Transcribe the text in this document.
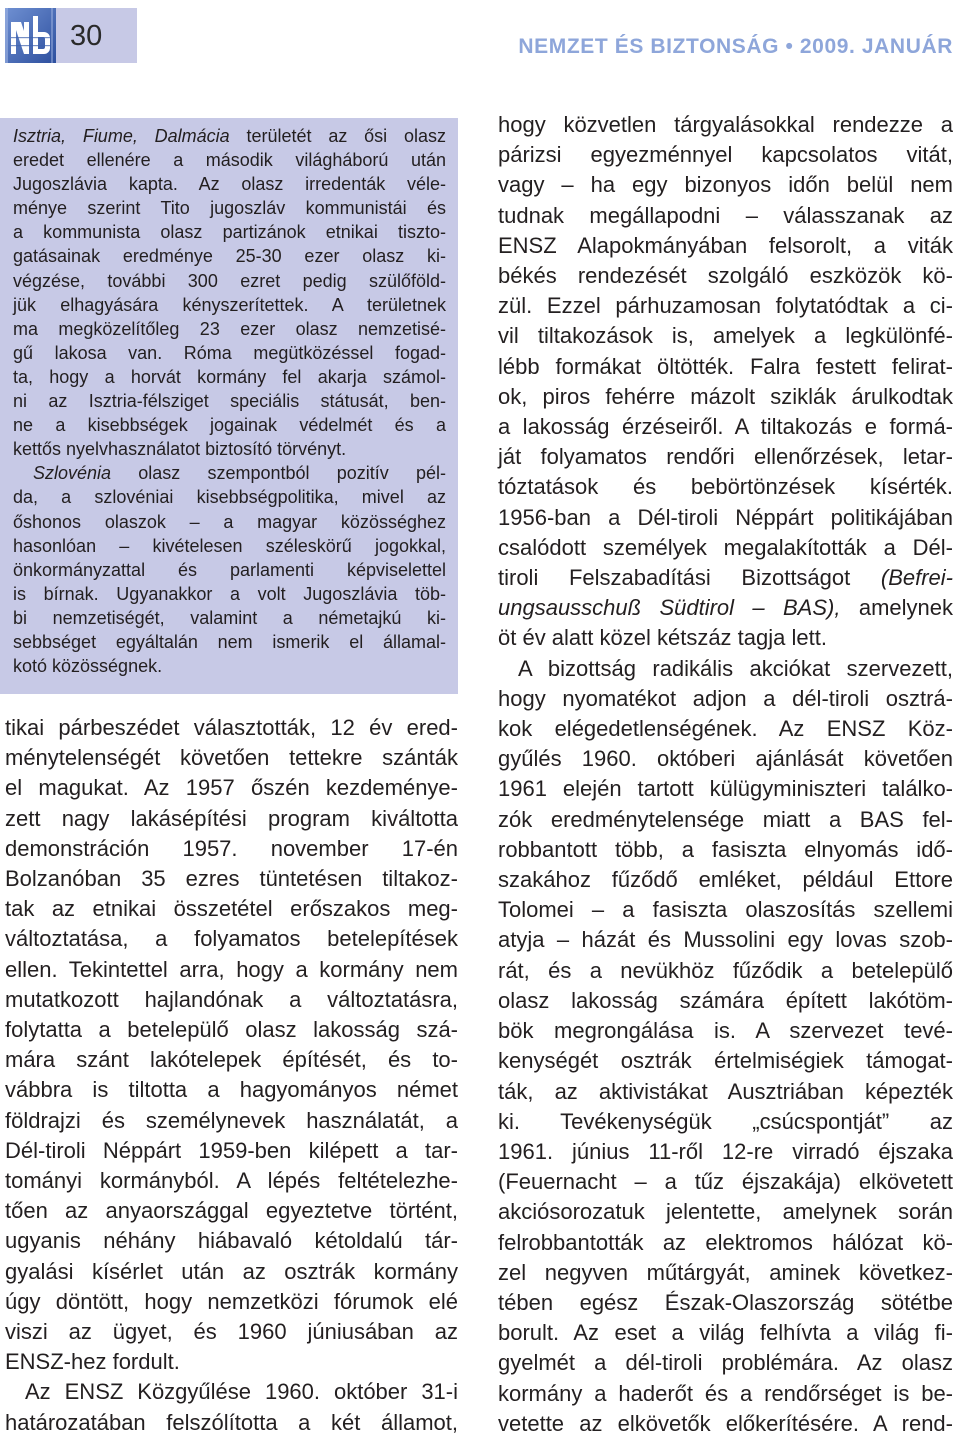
30	NEMZET ÉS BIZTONSÁG • 2009. JANUÁR
Isztria, Fiume, Dalmácia területét az ősi olasz
eredet ellenére a második világháború után
Jugoszlávia kapta. Az olasz irredenták véle-
ménye szerint Tito jugoszláv kommunistái és
a kommunista olasz partizánok etnikai tiszto-
gatásainak eredménye 25-30 ezer olasz ki-
végzése, további 300 ezret pedig szülőföld-
jük elhagyására kényszerítettek. A területnek
ma megközelítőleg 23 ezer olasz nemzetisé-
gű lakosa van. Róma megütközéssel fogad-
ta, hogy a horvát kormány fel akarja számol-
ni az Isztria-félsziget speciális státusát, ben-
ne a kisebbségek jogainak védelmét és a
kettős nyelvhasználatot biztosító törvényt.
Szlovénia olasz szempontból pozitív pél-
da, a szlovéniai kisebbségpolitika, mivel az
őshonos olaszok – a magyar közösséghez
hasonlóan – kivételesen széleskörű jogokkal,
önkormányzattal és parlamenti képviselettel
is bírnak. Ugyanakkor a volt Jugoszlávia töb-
bi nemzetiségét, valamint a németajkú ki-
sebbséget egyáltalán nem ismerik el államal-
kotó közösségnek.
tikai párbeszédet választották, 12 év ered-
ménytelenségét követően tettekre szánták
el magukat. Az 1957 őszén kezdeménye-
zett nagy lakásépítési program kiváltotta
demonstráción 1957. november 17-én
Bolzanóban 35 ezres tüntetésen tiltakoz-
tak az etnikai összetétel erőszakos meg-
változtatása, a folyamatos betelepítések
ellen. Tekintettel arra, hogy a kormány nem
mutatkozott hajlandónak a változtatásra,
folytatta a betelepülő olasz lakosság szá-
mára szánt lakótelepek építését, és to-
vábbra is tiltotta a hagyományos német
földrajzi és személynevek használatát, a
Dél-tiroli Néppárt 1959-ben kilépett a tar-
tományi kormányból. A lépés feltételezhe-
tően az anyaországgal egyeztetve történt,
ugyanis néhány hiábavaló kétoldalú tár-
gyalási kísérlet után az osztrák kormány
úgy döntött, hogy nemzetközi fórumok elé
viszi az ügyet, és 1960 júniusában az
ENSZ-hez fordult.
Az ENSZ Közgyűlése 1960. október 31-i
határozatában felszólította a két államot,
hogy közvetlen tárgyalásokkal rendezze a
párizsi egyezménnyel kapcsolatos vitát,
vagy – ha egy bizonyos időn belül nem
tudnak megállapodni – válasszanak az
ENSZ Alapokmányában felsorolt, a viták
békés rendezését szolgáló eszközök kö-
zül. Ezzel párhuzamosan folytatódtak a ci-
vil tiltakozások is, amelyek a legkülönfé-
lébb formákat öltötték. Falra festett felirat-
ok, piros fehérre mázolt sziklák árulkodtak
a lakosság érzéseiről. A tiltakozás e formá-
ját folyamatos rendőri ellenőrzések, letar-
tóztatások és bebörtönzések kísérték.
1956-ban a Dél-tiroli Néppárt politikájában
csalódott személyek megalakították a Dél-
tiroli Felszabadítási Bizottságot (Befrei-
ungsausschuß Südtirol – BAS), amelynek
öt év alatt közel kétszáz tagja lett.
A bizottság radikális akciókat szervezett,
hogy nyomatékot adjon a dél-tiroli osztrá-
kok elégedetlenségének. Az ENSZ Köz-
gyűlés 1960. októberi ajánlását követően
1961 elején tartott külügyminiszteri találko-
zók eredménytelensége miatt a BAS fel-
robbantott több, a fasiszta elnyomás idő-
szakához fűződő emléket, például Ettore
Tolomei – a fasiszta olaszosítás szellemi
atyja – házát és Mussolini egy lovas szob-
rát, és a nevükhöz fűződik a betelepülő
olasz lakosság számára épített lakótöm-
bök megrongálása is. A szervezet tevé-
kenységét osztrák értelmiségiek támogat-
ták, az aktivistákat Ausztriában képezték
ki. Tevékenységük „csúcspontját” az
1961. június 11-ről 12-re virradó éjszaka
(Feuernacht – a tűz éjszakája) elkövetett
akciósorozatuk jelentette, amelynek során
felrobbantották az elektromos hálózat kö-
zel negyven műtárgyát, aminek következ-
tében egész Észak-Olaszország sötétbe
borult. Az eset a világ felhívta a világ fi-
gyelmét a dél-tiroli problémára. Az olasz
kormány a haderőt és a rendőrséget is be-
vetette az elkövetők előkerítésére. A rend-
